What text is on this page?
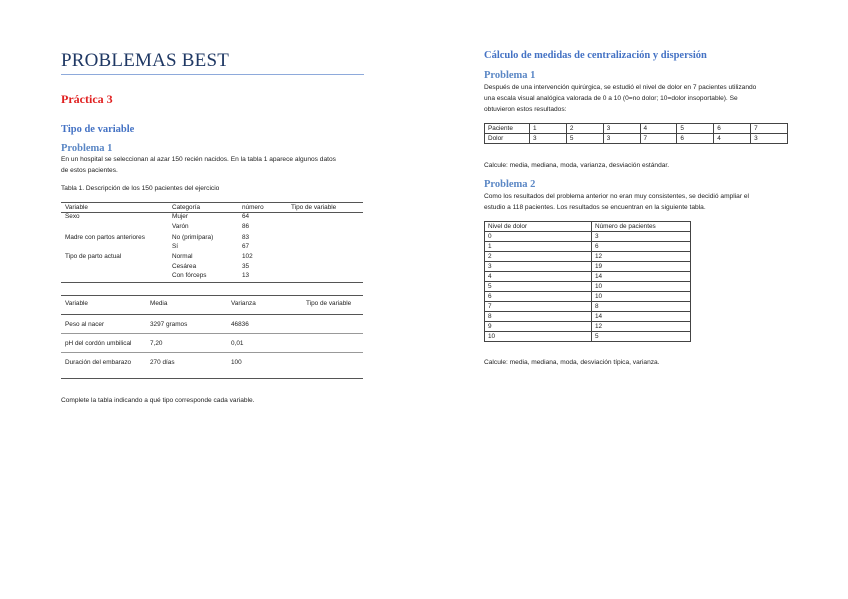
PROBLEMAS BEST
Práctica 3
Tipo de variable
Problema 1
En un hospital se seleccionan al azar 150 recién nacidos. En la tabla 1 aparece algunos datos
de estos pacientes.
Tabla 1. Descripción de los 150 pacientes del ejercicio
Variable	Categoría	número	Tipo de variable
Sexo	Mujer	64
Varón	86
Madre con partos anteriores	No (primípara)	83
Sí	67
Tipo de parto actual	Normal	102
Cesárea	35
Con fórceps	13
Variable	Media	Varianza	Tipo de variable
Peso al nacer	3297 gramos	46836
pH del cordón umbilical	7,20	0,01
Duración del embarazo	270 días	100
Complete la tabla indicando a qué tipo corresponde cada variable.
Cálculo de medidas de centralización y dispersión
Problema 1
Después de una intervención quirúrgica, se estudió el nivel de dolor en 7 pacientes utilizando
una escala visual analógica valorada de 0 a 10 (0=no dolor; 10=dolor insoportable). Se
obtuvieron estos resultados:
Paciente	1	2	3	4	5	6	7
Dolor	3	5	3	7	6	4	3
Calcule: media, mediana, moda, varianza, desviación estándar.
Problema 2
Como los resultados del problema anterior no eran muy consistentes, se decidió ampliar el
estudio a 118 pacientes. Los resultados se encuentran en la siguiente tabla.
Nivel de dolor	Número de pacientes
0	3
1	6
2	12
3	19
4	14
5	10
6	10
7	8
8	14
9	12
10	5
Calcule: media, mediana, moda, desviación típica, varianza.
